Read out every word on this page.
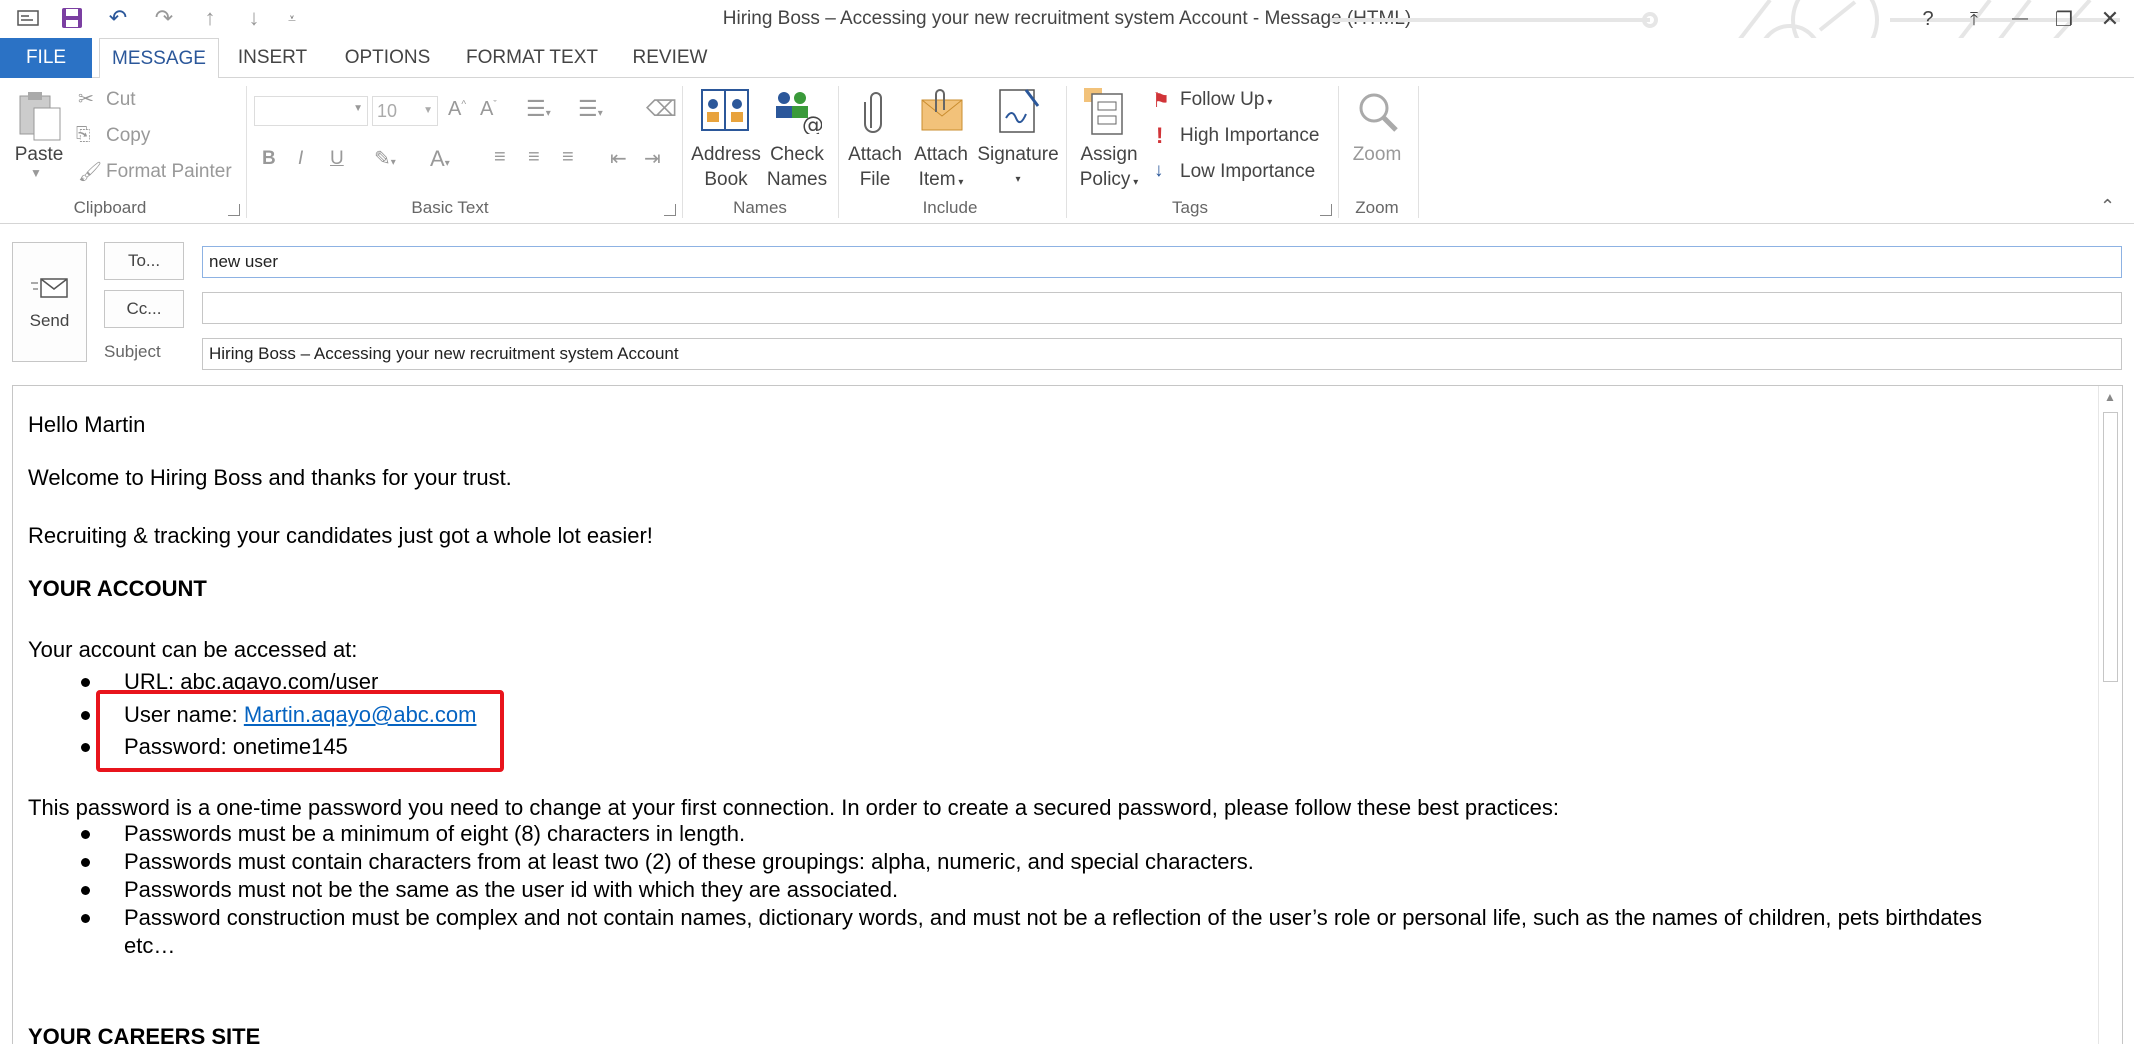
↶ ↷	↑	↓	⩡	Hiring Boss – Accessing your new recruitment system Account - Message (HTML)	?	⤒	—	❐	✕
FILE	MESSAGE	INSERT	OPTIONS FORMAT TEXT REVIEW
Paste
▼
✂ Cut
⎘ Copy
🖌 Format Painter
Clipboard
▼ 10	▼ A^ $A^ˇ$ ☰▾ ☰▾ ⌫
B I U ✎▾ A▾ ≡ ≡ ≡ ⇤ ⇥
Basic Text
Address
Book
@
Check
Names
Names
Attach
File
Attach
Item ▾
Signature
▾
Include
Assign
Policy ▾
⚑ Follow Up ▾
! High Importance
↓ Low Importance
Tags
Zoom
Zoom	⌃
Send
To...
Cc...
Subject
new user
Hiring Boss – Accessing your new recruitment system Account
Hello Martin
Welcome to Hiring Boss and thanks for your trust.
Recruiting & tracking your candidates just got a whole lot easier!
YOUR ACCOUNT
Your account can be accessed at:
URL: abc.aqayo.com/user
User name: Martin.aqayo@abc.com
Password: onetime145
This password is a one-time password you need to change at your first connection. In order to create a secured password, please follow these best practices:
Passwords must be a minimum of eight (8) characters in length.
Passwords must contain characters from at least two (2) of these groupings: alpha, numeric, and special characters.
Passwords must not be the same as the user id with which they are associated.
Password construction must be complex and not contain names, dictionary words, and must not be a reflection of the user’s role or personal life, such as the names of children, pets birthdates
etc…
YOUR CAREERS SITE
▲
